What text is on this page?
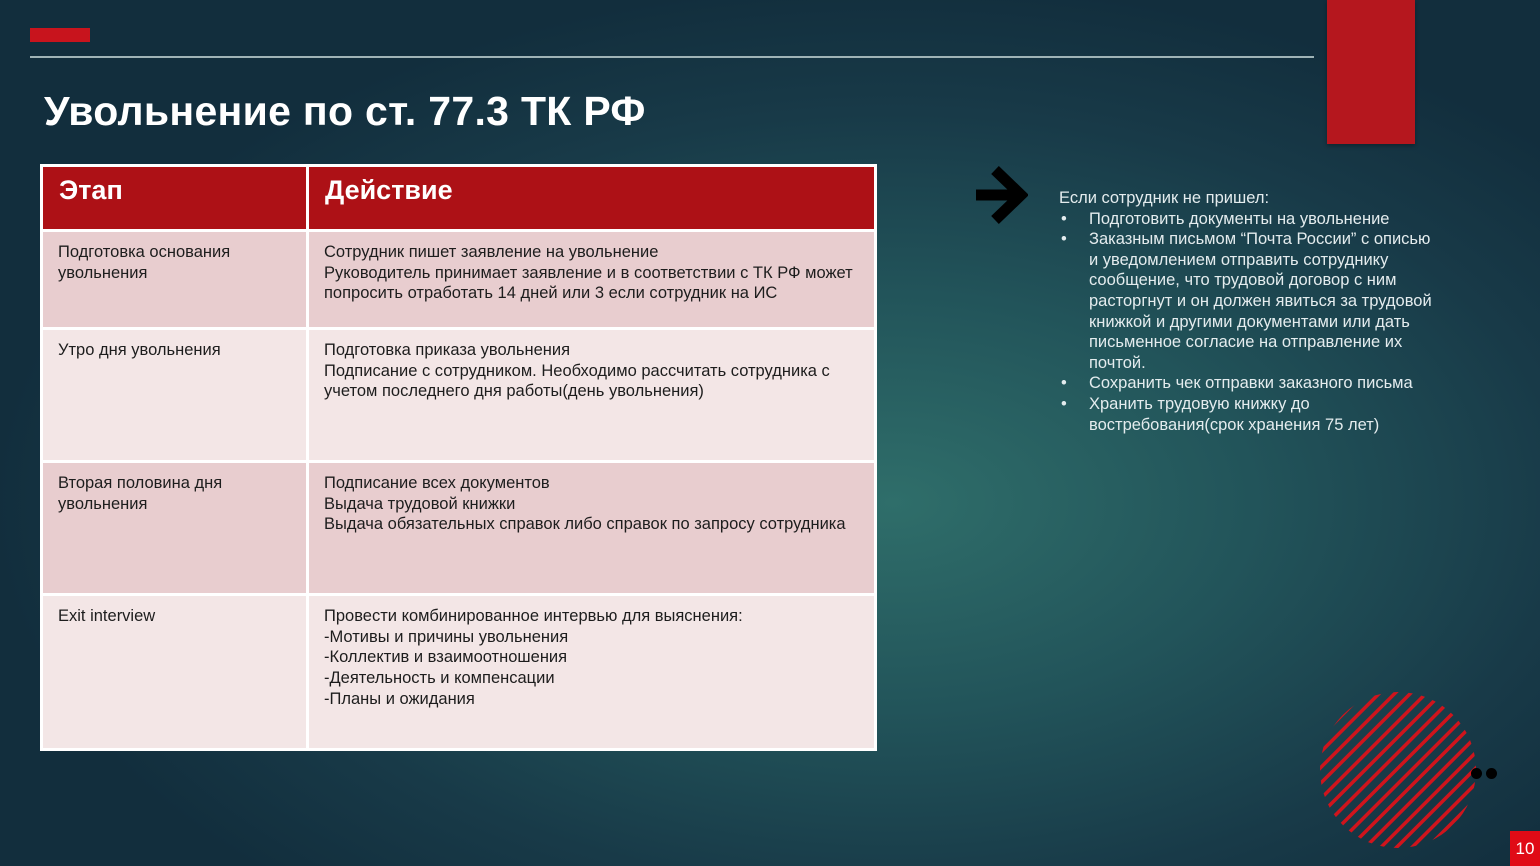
Увольнение по ст. 77.3 ТК РФ
Этап	Действие
Подготовка основания увольнения	Сотрудник пишет заявление на увольнение
Руководитель принимает заявление и в соответствии с ТК РФ может попросить отработать 14 дней или 3 если сотрудник на ИС

Утро дня увольнения	Подготовка приказа увольнения
Подписание с сотрудником. Необходимо рассчитать сотрудника с учетом последнего дня работы(день увольнения)

Вторая половина дня увольнения	Подписание всех документов
Выдача трудовой книжки
Выдача обязательных справок либо справок по запросу сотрудника

Exit interview	Провести комбинированное интервью для выяснения:
-Мотивы и причины увольнения
-Коллектив и взаимоотношения
-Деятельность и компенсации
-Планы и ожидания
Если сотрудник не пришел:
• Подготовить документы на увольнение
• Заказным письмом “Почта России” с описью и уведомлением отправить сотруднику сообщение, что трудовой договор с ним расторгнут и он должен явиться за трудовой книжкой и другими документами или дать письменное согласие на отправление их почтой.
• Сохранить чек отправки заказного письма
• Хранить трудовую книжку до востребования(срок хранения 75 лет)
10
